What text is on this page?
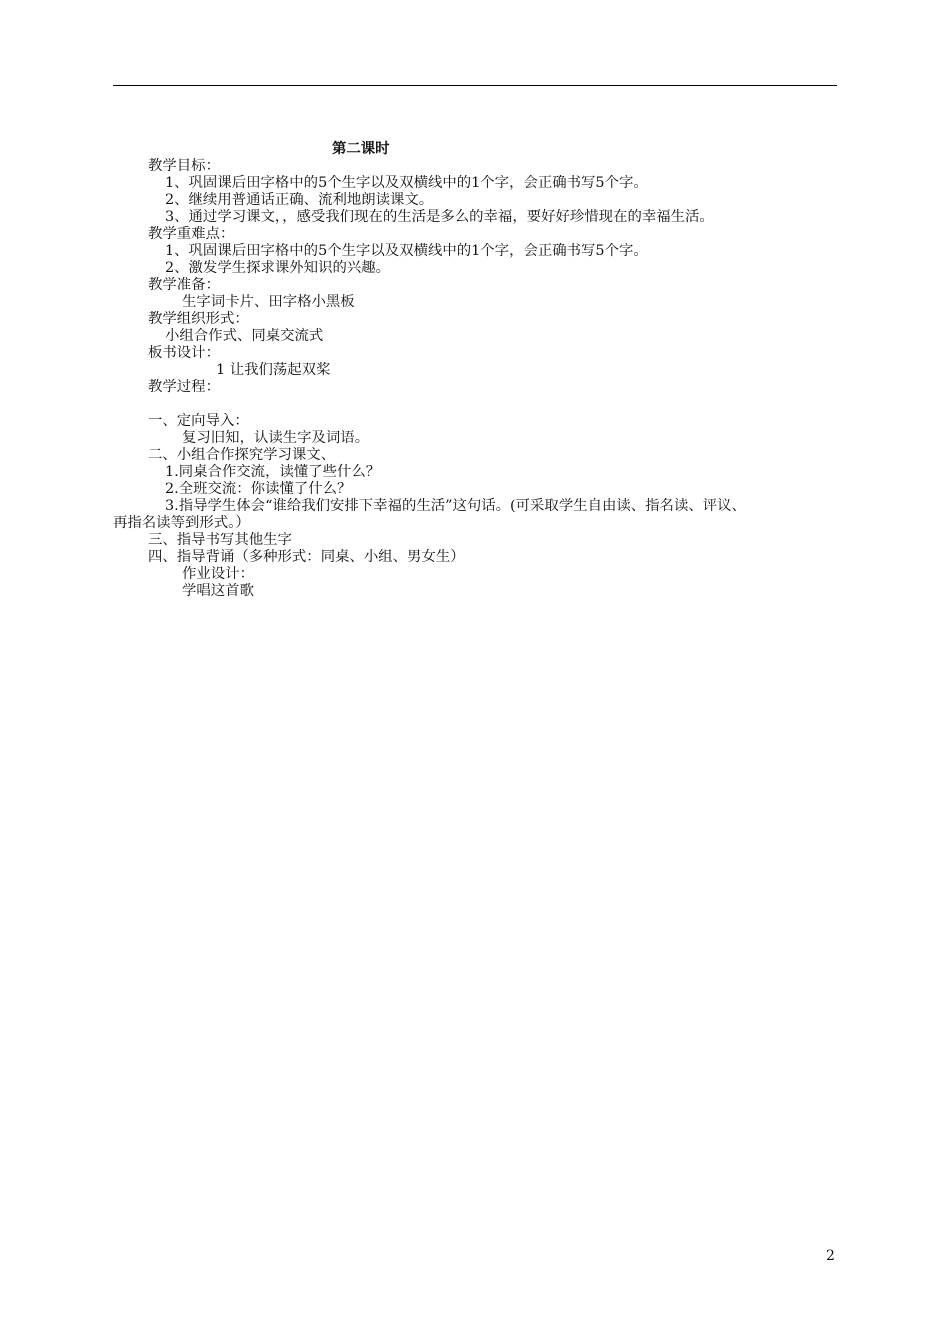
第二课时
教学目标：
1、巩固课后田字格中的5个生字以及双横线中的1个字，会正确书写5个字。
2、继续用普通话正确、流利地朗读课文。
3、通过学习课文，，感受我们现在的生活是多么的幸福，要好好珍惜现在的幸福生活。
教学重难点：
1、巩固课后田字格中的5个生字以及双横线中的1个字，会正确书写5个字。
2、激发学生探求课外知识的兴趣。
教学准备：
生字词卡片、田字格小黑板
教学组织形式：
小组合作式、同桌交流式
板书设计：
1 让我们荡起双桨
教学过程：
一、定向导入：
复习旧知，认读生字及词语。
二、小组合作探究学习课文、
1.同桌合作交流，读懂了些什么？
2.全班交流：你读懂了什么？
3.指导学生体会“谁给我们安排下幸福的生活”这句话。(可采取学生自由读、指名读、评议、
再指名读等到形式。）
三、指导书写其他生字
四、指导背诵（多种形式：同桌、小组、男女生）
作业设计：
学唱这首歌
2
